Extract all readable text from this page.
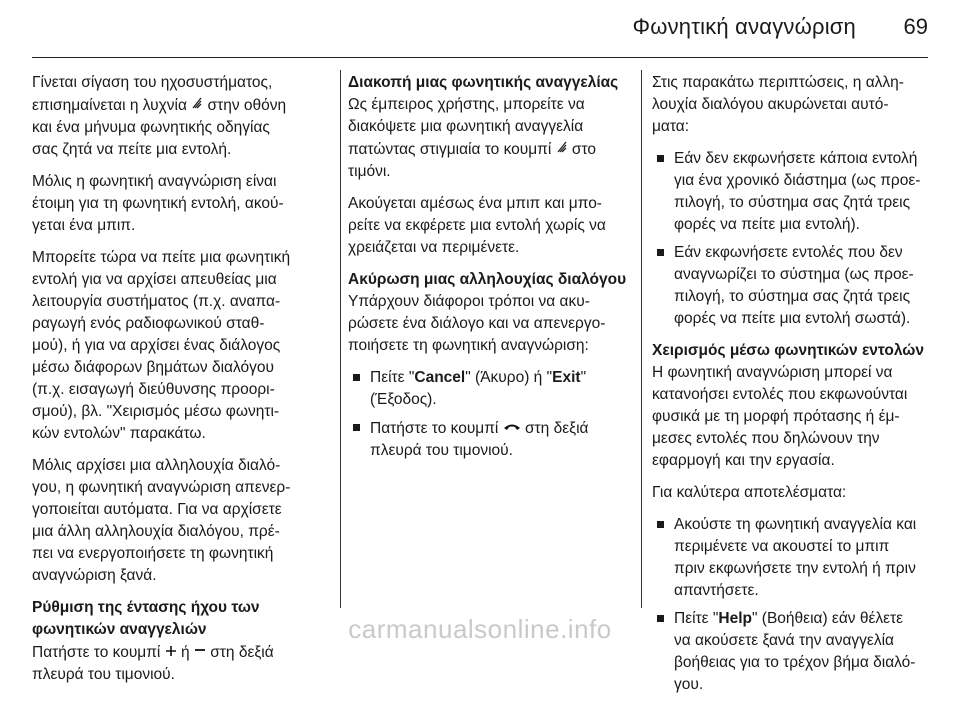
Φωνητική αναγνώριση 69

Γίνεται σίγαση του ηχοσυστήματος,
επισημαίνεται η λυχνία  στην οθόνη
και ένα μήνυμα φωνητικής οδηγίας
σας ζητά να πείτε μια εντολή.

Μόλις η φωνητική αναγνώριση είναι
έτοιμη για τη φωνητική εντολή, ακού-
γεται ένα μπιπ.

Μπορείτε τώρα να πείτε μια φωνητική
εντολή για να αρχίσει απευθείας μια
λειτουργία συστήματος (π.χ. αναπα-
ραγωγή ενός ραδιοφωνικού σταθ-
μού), ή για να αρχίσει ένας διάλογος
μέσω διάφορων βημάτων διαλόγου
(π.χ. εισαγωγή διεύθυνσης προορι-
σμού), βλ. "Χειρισμός μέσω φωνητι-
κών εντολών" παρακάτω.

Μόλις αρχίσει μια αλληλουχία διαλό-
γου, η φωνητική αναγνώριση απενερ-
γοποιείται αυτόματα. Για να αρχίσετε
μια άλλη αλληλουχία διαλόγου, πρέ-
πει να ενεργοποιήσετε τη φωνητική
αναγνώριση ξανά.

Ρύθμιση της έντασης ήχου των
φωνητικών αναγγελιών

Πατήστε το κουμπί  ή  στη δεξιά
πλευρά του τιμονιού.

Διακοπή μιας φωνητικής αναγγελίας

Ως έμπειρος χρήστης, μπορείτε να
διακόψετε μια φωνητική αναγγελία
πατώντας στιγμιαία το κουμπί  στο
τιμόνι.

Ακούγεται αμέσως ένα μπιπ και μπο-
ρείτε να εκφέρετε μια εντολή χωρίς να
χρειάζεται να περιμένετε.

Ακύρωση μιας αλληλουχίας διαλόγου

Υπάρχουν διάφοροι τρόποι να ακυ-
ρώσετε ένα διάλογο και να απενεργο-
ποιήσετε τη φωνητική αναγνώριση:

Πείτε "Cancel" (Άκυρο) ή "Exit"
(Έξοδος).
Πατήστε το κουμπί  στη δεξιά
πλευρά του τιμονιού.

Στις παρακάτω περιπτώσεις, η αλλη-
λουχία διαλόγου ακυρώνεται αυτό-
ματα:

Εάν δεν εκφωνήσετε κάποια εντολή
για ένα χρονικό διάστημα (ως προε-
πιλογή, το σύστημα σας ζητά τρεις
φορές να πείτε μια εντολή).
Εάν εκφωνήσετε εντολές που δεν
αναγνωρίζει το σύστημα (ως προε-
πιλογή, το σύστημα σας ζητά τρεις
φορές να πείτε μια εντολή σωστά).
Χειρισμός μέσω φωνητικών εντολών

Η φωνητική αναγνώριση μπορεί να
κατανοήσει εντολές που εκφωνούνται
φυσικά με τη μορφή πρότασης ή έμ-
μεσες εντολές που δηλώνουν την
εφαρμογή και την εργασία.

Για καλύτερα αποτελέσματα:

Ακούστε τη φωνητική αναγγελία και
περιμένετε να ακουστεί το μπιπ
πριν εκφωνήσετε την εντολή ή πριν
απαντήσετε.
Πείτε "Help" (Βοήθεια) εάν θέλετε
να ακούσετε ξανά την αναγγελία
βοήθειας για το τρέχον βήμα διαλό-
γου.
carmanualsonline.info
